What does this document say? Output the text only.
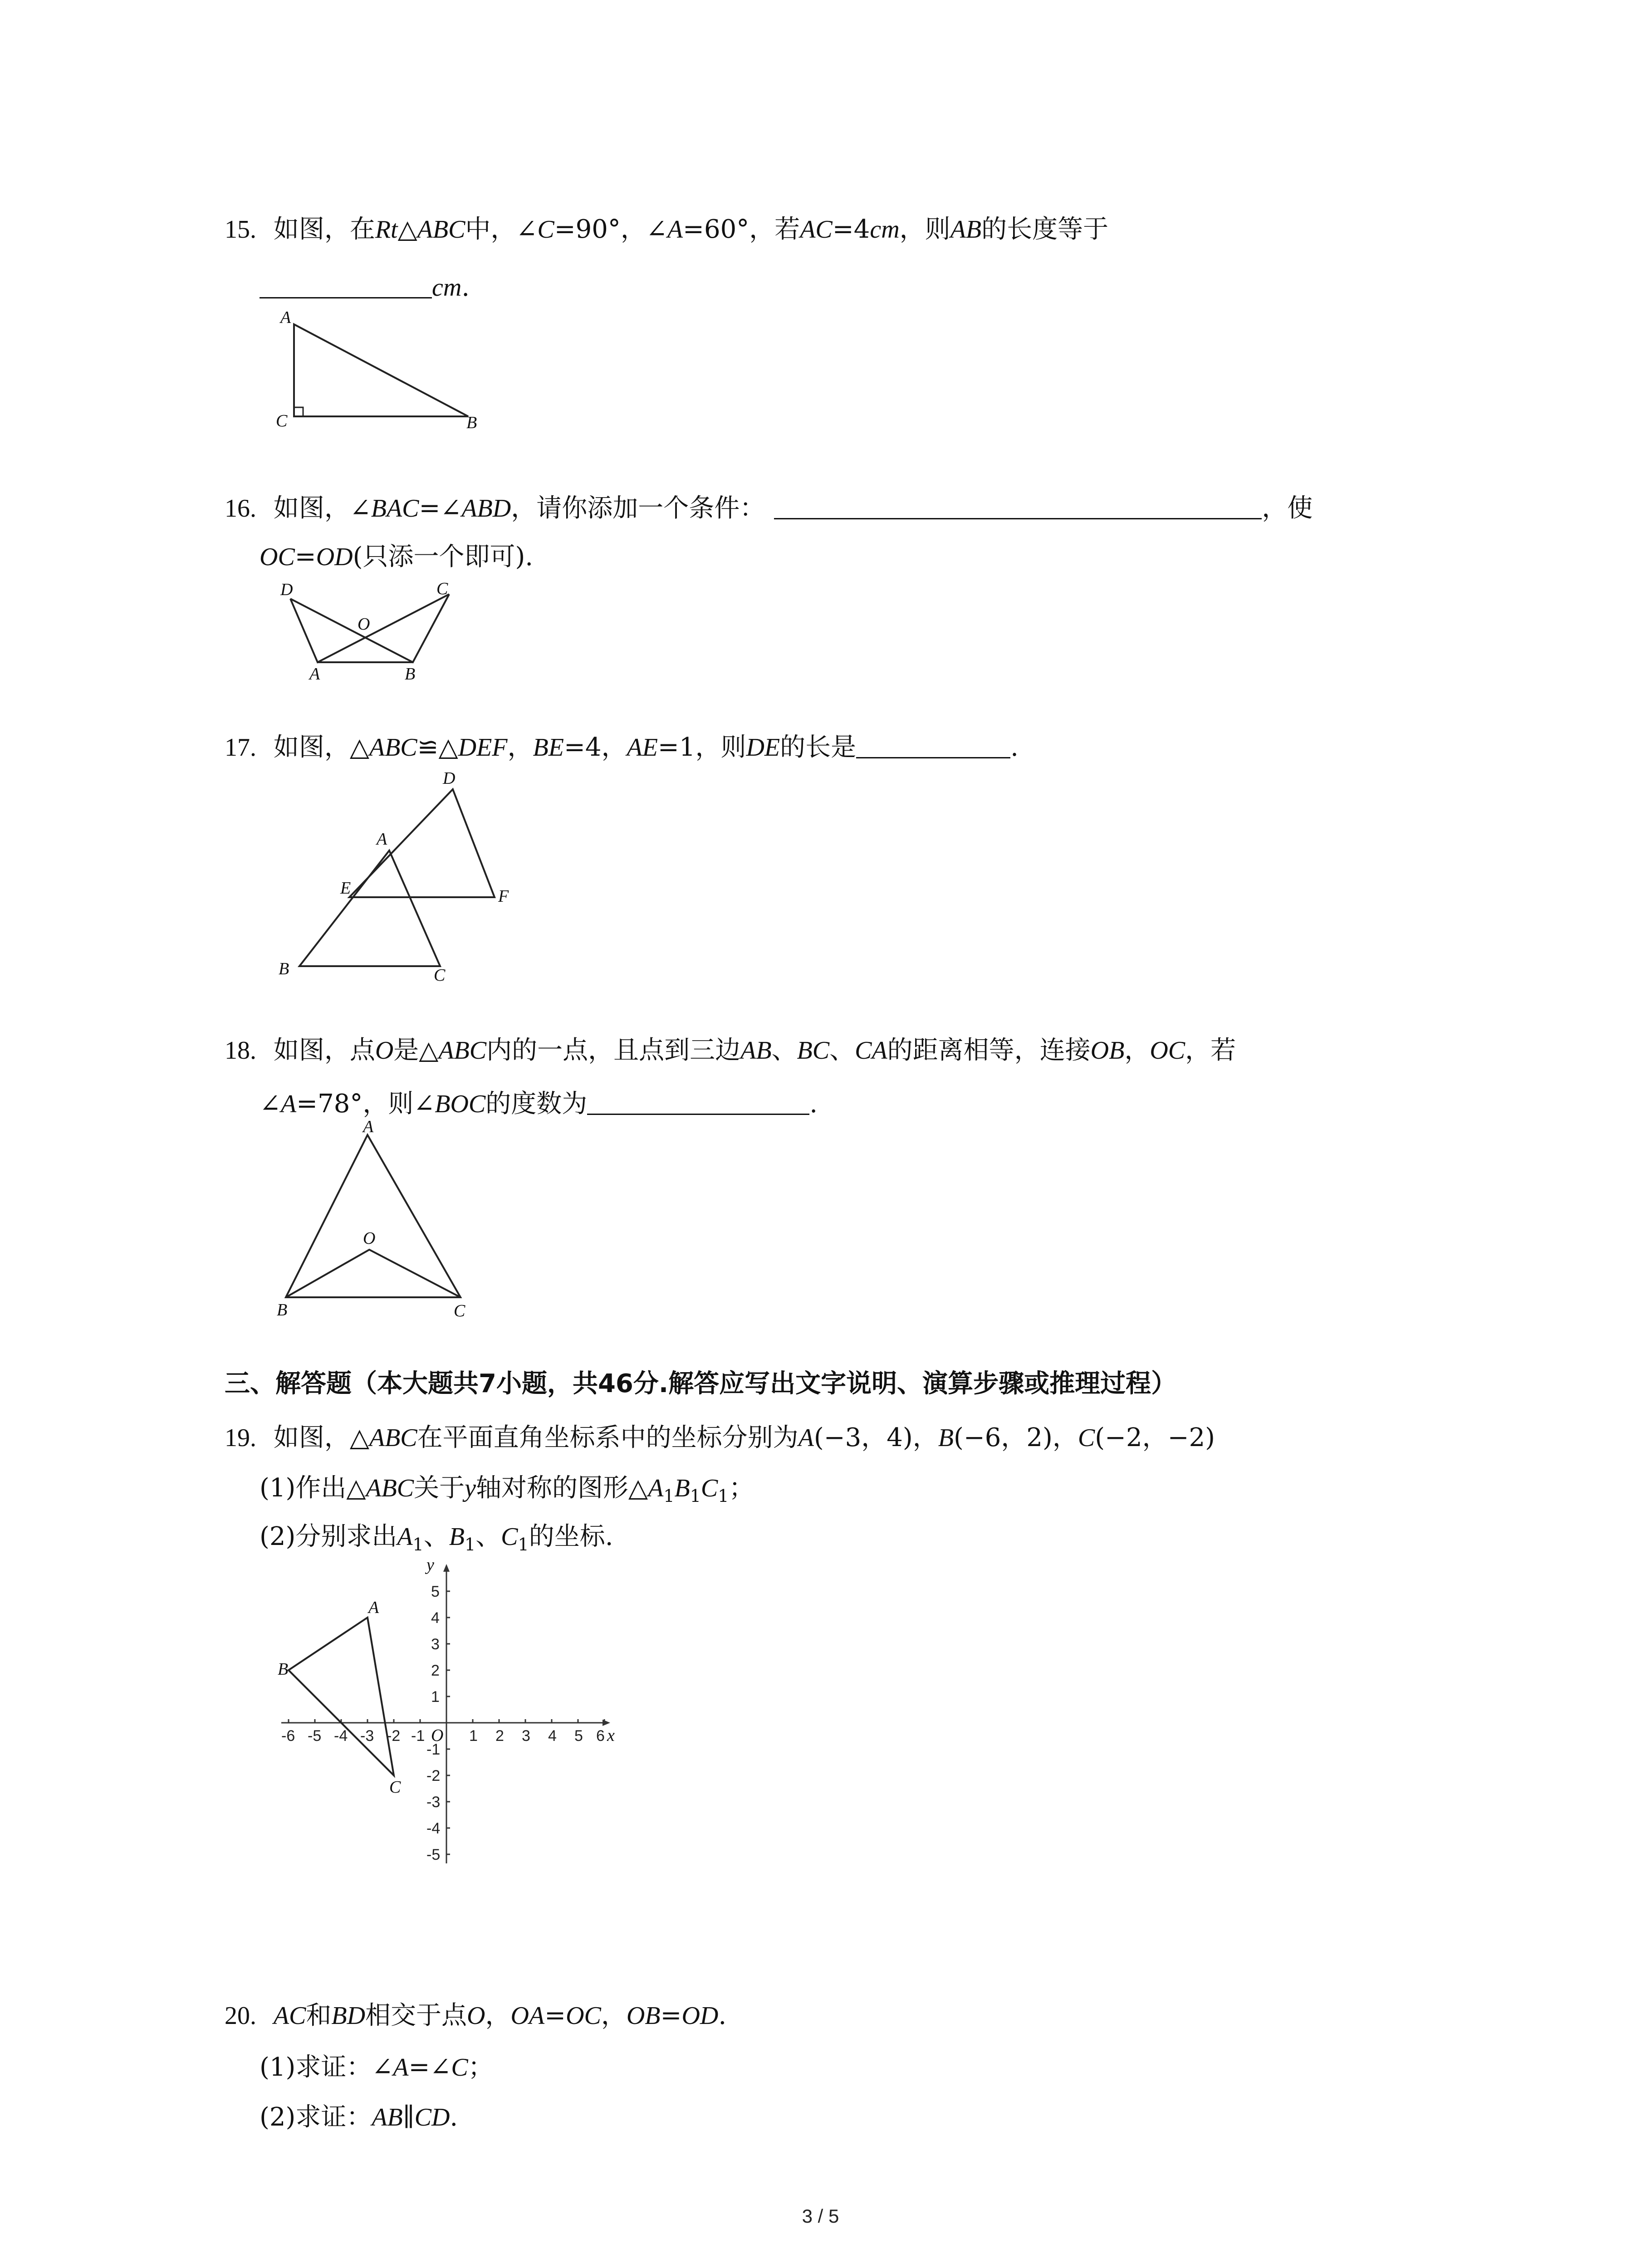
15. 如图，在Rt△ABC中，∠C=90°，∠A=60°，若AC=4cm，则AB的长度等于
cm.
A
C	B
16. 如图，∠BAC=∠ABD，请你添加一个条件：	，使
OC=OD(只添一个即可).
D	C
O
A	B
17. 如图，△ABC≌△DEF，BE=4，AE=1，则DE的长是	.
D
A
E	F
B	C
18. 如图，点O是△ABC内的一点，且点到三边AB、BC、CA的距离相等，连接OB，OC，若
∠A=78°，则∠BOC的度数为	.
A
O
B	C
三、解答题（本大题共7小题，共46分.解答应写出文字说明、演算步骤或推理过程）
19. 如图，△ABC在平面直角坐标系中的坐标分别为A(−3，4)，B(−6，2)，C(−2，−2)
(1)作出△ABC关于y轴对称的图形$\triangle A_1B_1C_1$；
(2)分别求出$A_1$、$B_1$、$C_1$的坐标.
-6 -5 -4 -3 -2 -1	1 2 3 4 5 6
5
4
3
2
1
-1
-2
-3
-4
-5
O	x
y
A
B
C
20. AC和BD相交于点O，OA=OC，OB=OD.
(1)求证：∠A=∠C；
(2)求证：AB∥CD.
3 / 5
